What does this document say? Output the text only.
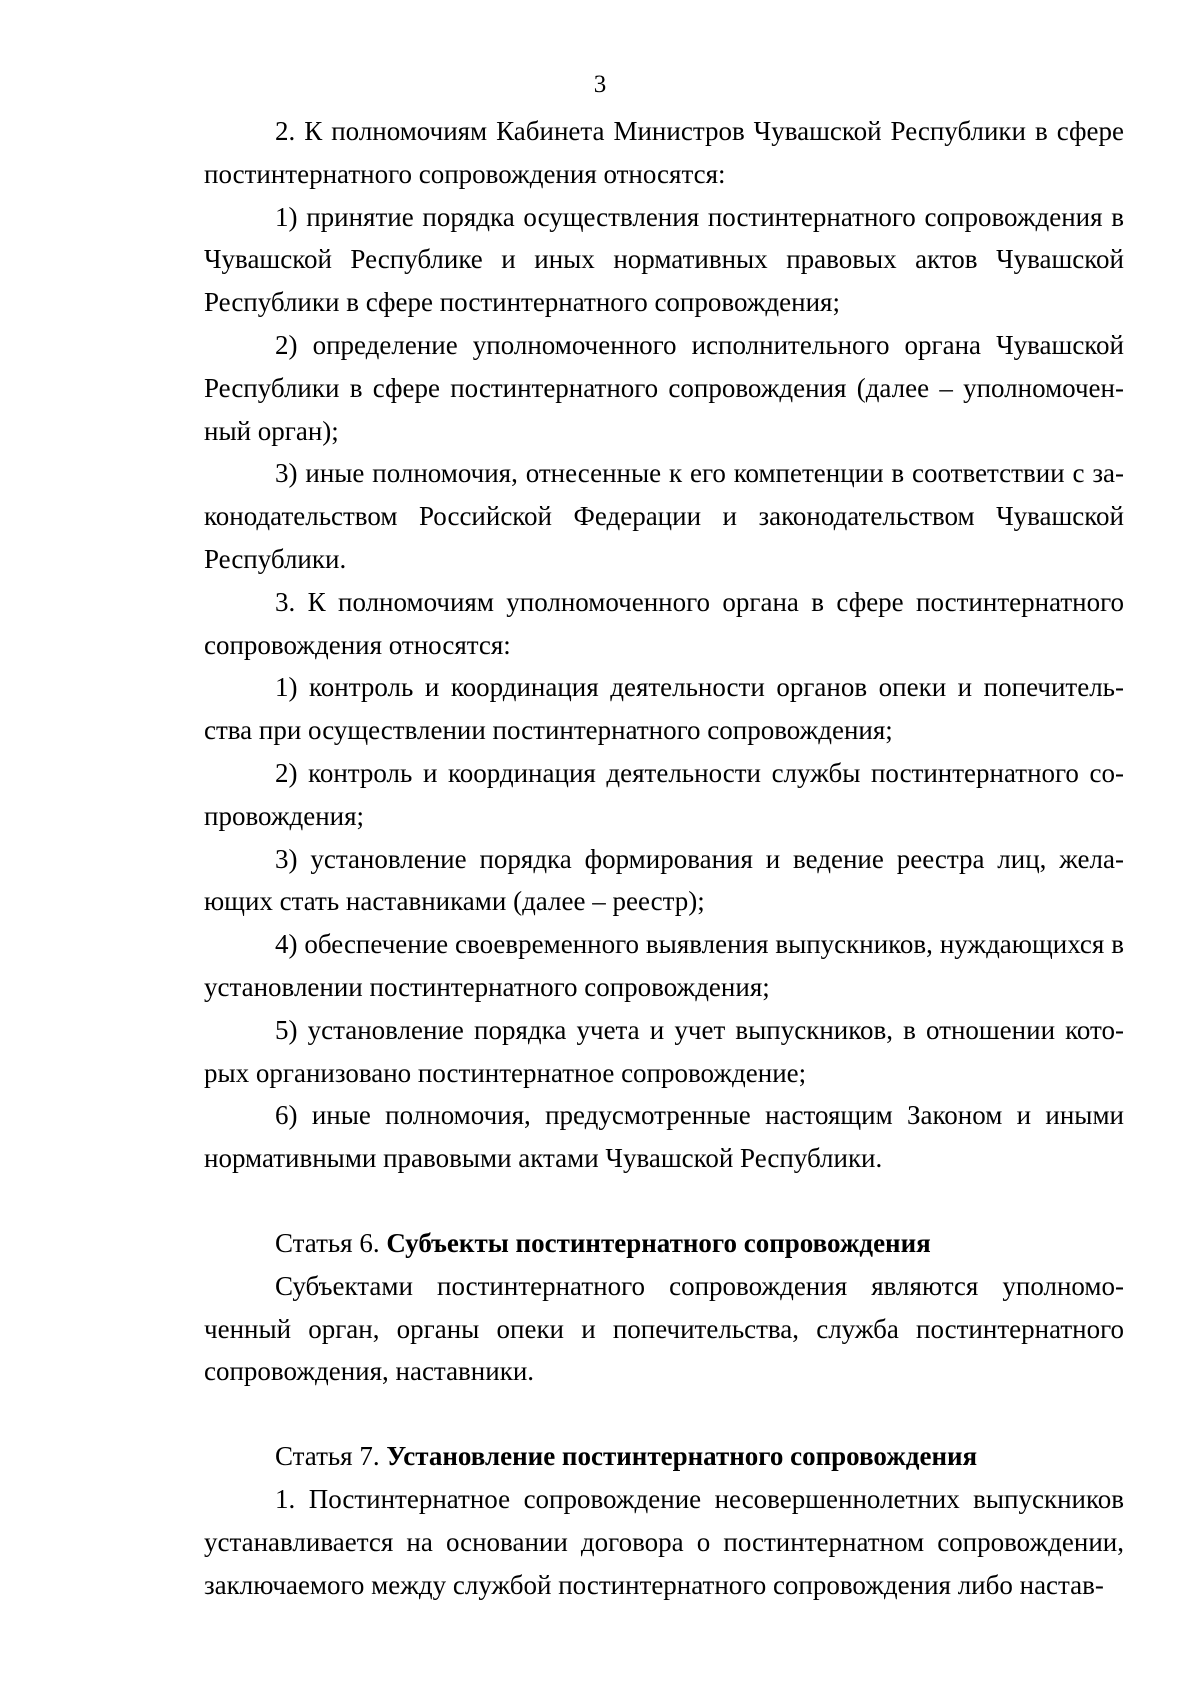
3

2. К полномочиям Кабинета Министров Чувашской Республики в сфере постинтернатного сопровождения относятся:

1) принятие порядка осуществления постинтернатного сопровождения в Чувашской Республике и иных нормативных правовых актов Чувашской Республики в сфере постинтернатного сопровождения;

2) определение уполномоченного исполнительного органа Чувашской Республики в сфере постинтернатного сопровождения (далее – уполномоченный орган);

3) иные полномочия, отнесенные к его компетенции в соответствии с законодательством Российской Федерации и законодательством Чувашской Республики.

3. К полномочиям уполномоченного органа в сфере постинтернатного сопровождения относятся:

1) контроль и координация деятельности органов опеки и попечительства при осуществлении постинтернатного сопровождения;

2) контроль и координация деятельности службы постинтернатного сопровождения;

3) установление порядка формирования и ведение реестра лиц, желающих стать наставниками (далее – реестр);

4) обеспечение своевременного выявления выпускников, нуждающихся в установлении постинтернатного сопровождения;

5) установление порядка учета и учет выпускников, в отношении которых организовано постинтернатное сопровождение;

6) иные полномочия, предусмотренные настоящим Законом и иными нормативными правовыми актами Чувашской Республики.

Статья 6. Субъекты постинтернатного сопровождения

Субъектами постинтернатного сопровождения являются уполномоченный орган, органы опеки и попечительства, служба постинтернатного сопровождения, наставники.

Статья 7. Установление постинтернатного сопровождения

1. Постинтернатное сопровождение несовершеннолетних выпускников устанавливается на основании договора о постинтернатном сопровождении, заключаемого между службой постинтернатного сопровождения либо настав-
